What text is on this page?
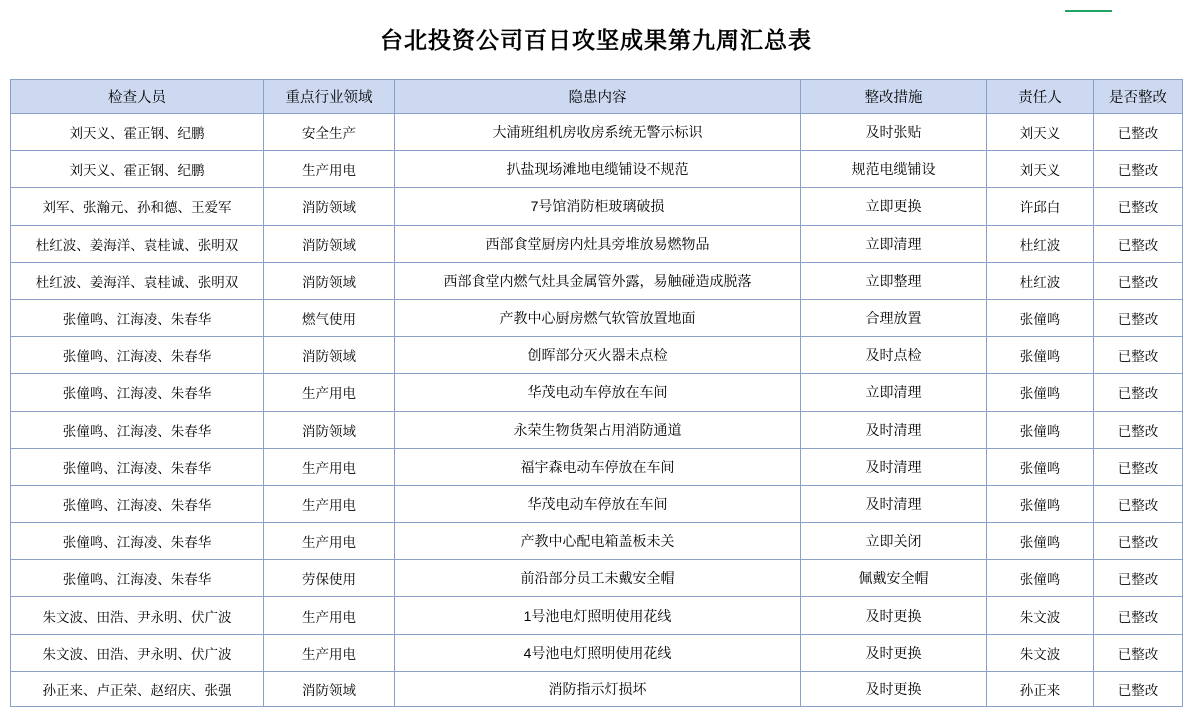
台北投资公司百日攻坚成果第九周汇总表
检查人员	重点行业领域	隐患内容	整改措施	责任人	是否整改
刘天义、霍正钢、纪鹏	安全生产	大浦班组机房收房系统无警示标识	及时张贴	刘天义	已整改
刘天义、霍正钢、纪鹏	生产用电	扒盐现场滩地电缆铺设不规范	规范电缆铺设	刘天义	已整改
刘军、张瀚元、孙和德、王爱军	消防领域	7号馆消防柜玻璃破损	立即更换	许邱白	已整改
杜红波、姜海洋、袁桂诚、张明双	消防领域	西部食堂厨房内灶具旁堆放易燃物品	立即清理	杜红波	已整改
杜红波、姜海洋、袁桂诚、张明双	消防领域	西部食堂内燃气灶具金属管外露，易触碰造成脱落	立即整理	杜红波	已整改
张僮鸣、江海凌、朱春华	燃气使用	产教中心厨房燃气软管放置地面	合理放置	张僮鸣	已整改
张僮鸣、江海凌、朱春华	消防领域	创晖部分灭火器未点检	及时点检	张僮鸣	已整改
张僮鸣、江海凌、朱春华	生产用电	华茂电动车停放在车间	立即清理	张僮鸣	已整改
张僮鸣、江海凌、朱春华	消防领域	永荣生物货架占用消防通道	及时清理	张僮鸣	已整改
张僮鸣、江海凌、朱春华	生产用电	福宇森电动车停放在车间	及时清理	张僮鸣	已整改
张僮鸣、江海凌、朱春华	生产用电	华茂电动车停放在车间	及时清理	张僮鸣	已整改
张僮鸣、江海凌、朱春华	生产用电	产教中心配电箱盖板未关	立即关闭	张僮鸣	已整改
张僮鸣、江海凌、朱春华	劳保使用	前沿部分员工未戴安全帽	佩戴安全帽	张僮鸣	已整改
朱文波、田浩、尹永明、伏广波	生产用电	1号池电灯照明使用花线	及时更换	朱文波	已整改
朱文波、田浩、尹永明、伏广波	生产用电	4号池电灯照明使用花线	及时更换	朱文波	已整改
孙正来、卢正荣、赵绍庆、张强	消防领域	消防指示灯损坏	及时更换	孙正来	已整改
